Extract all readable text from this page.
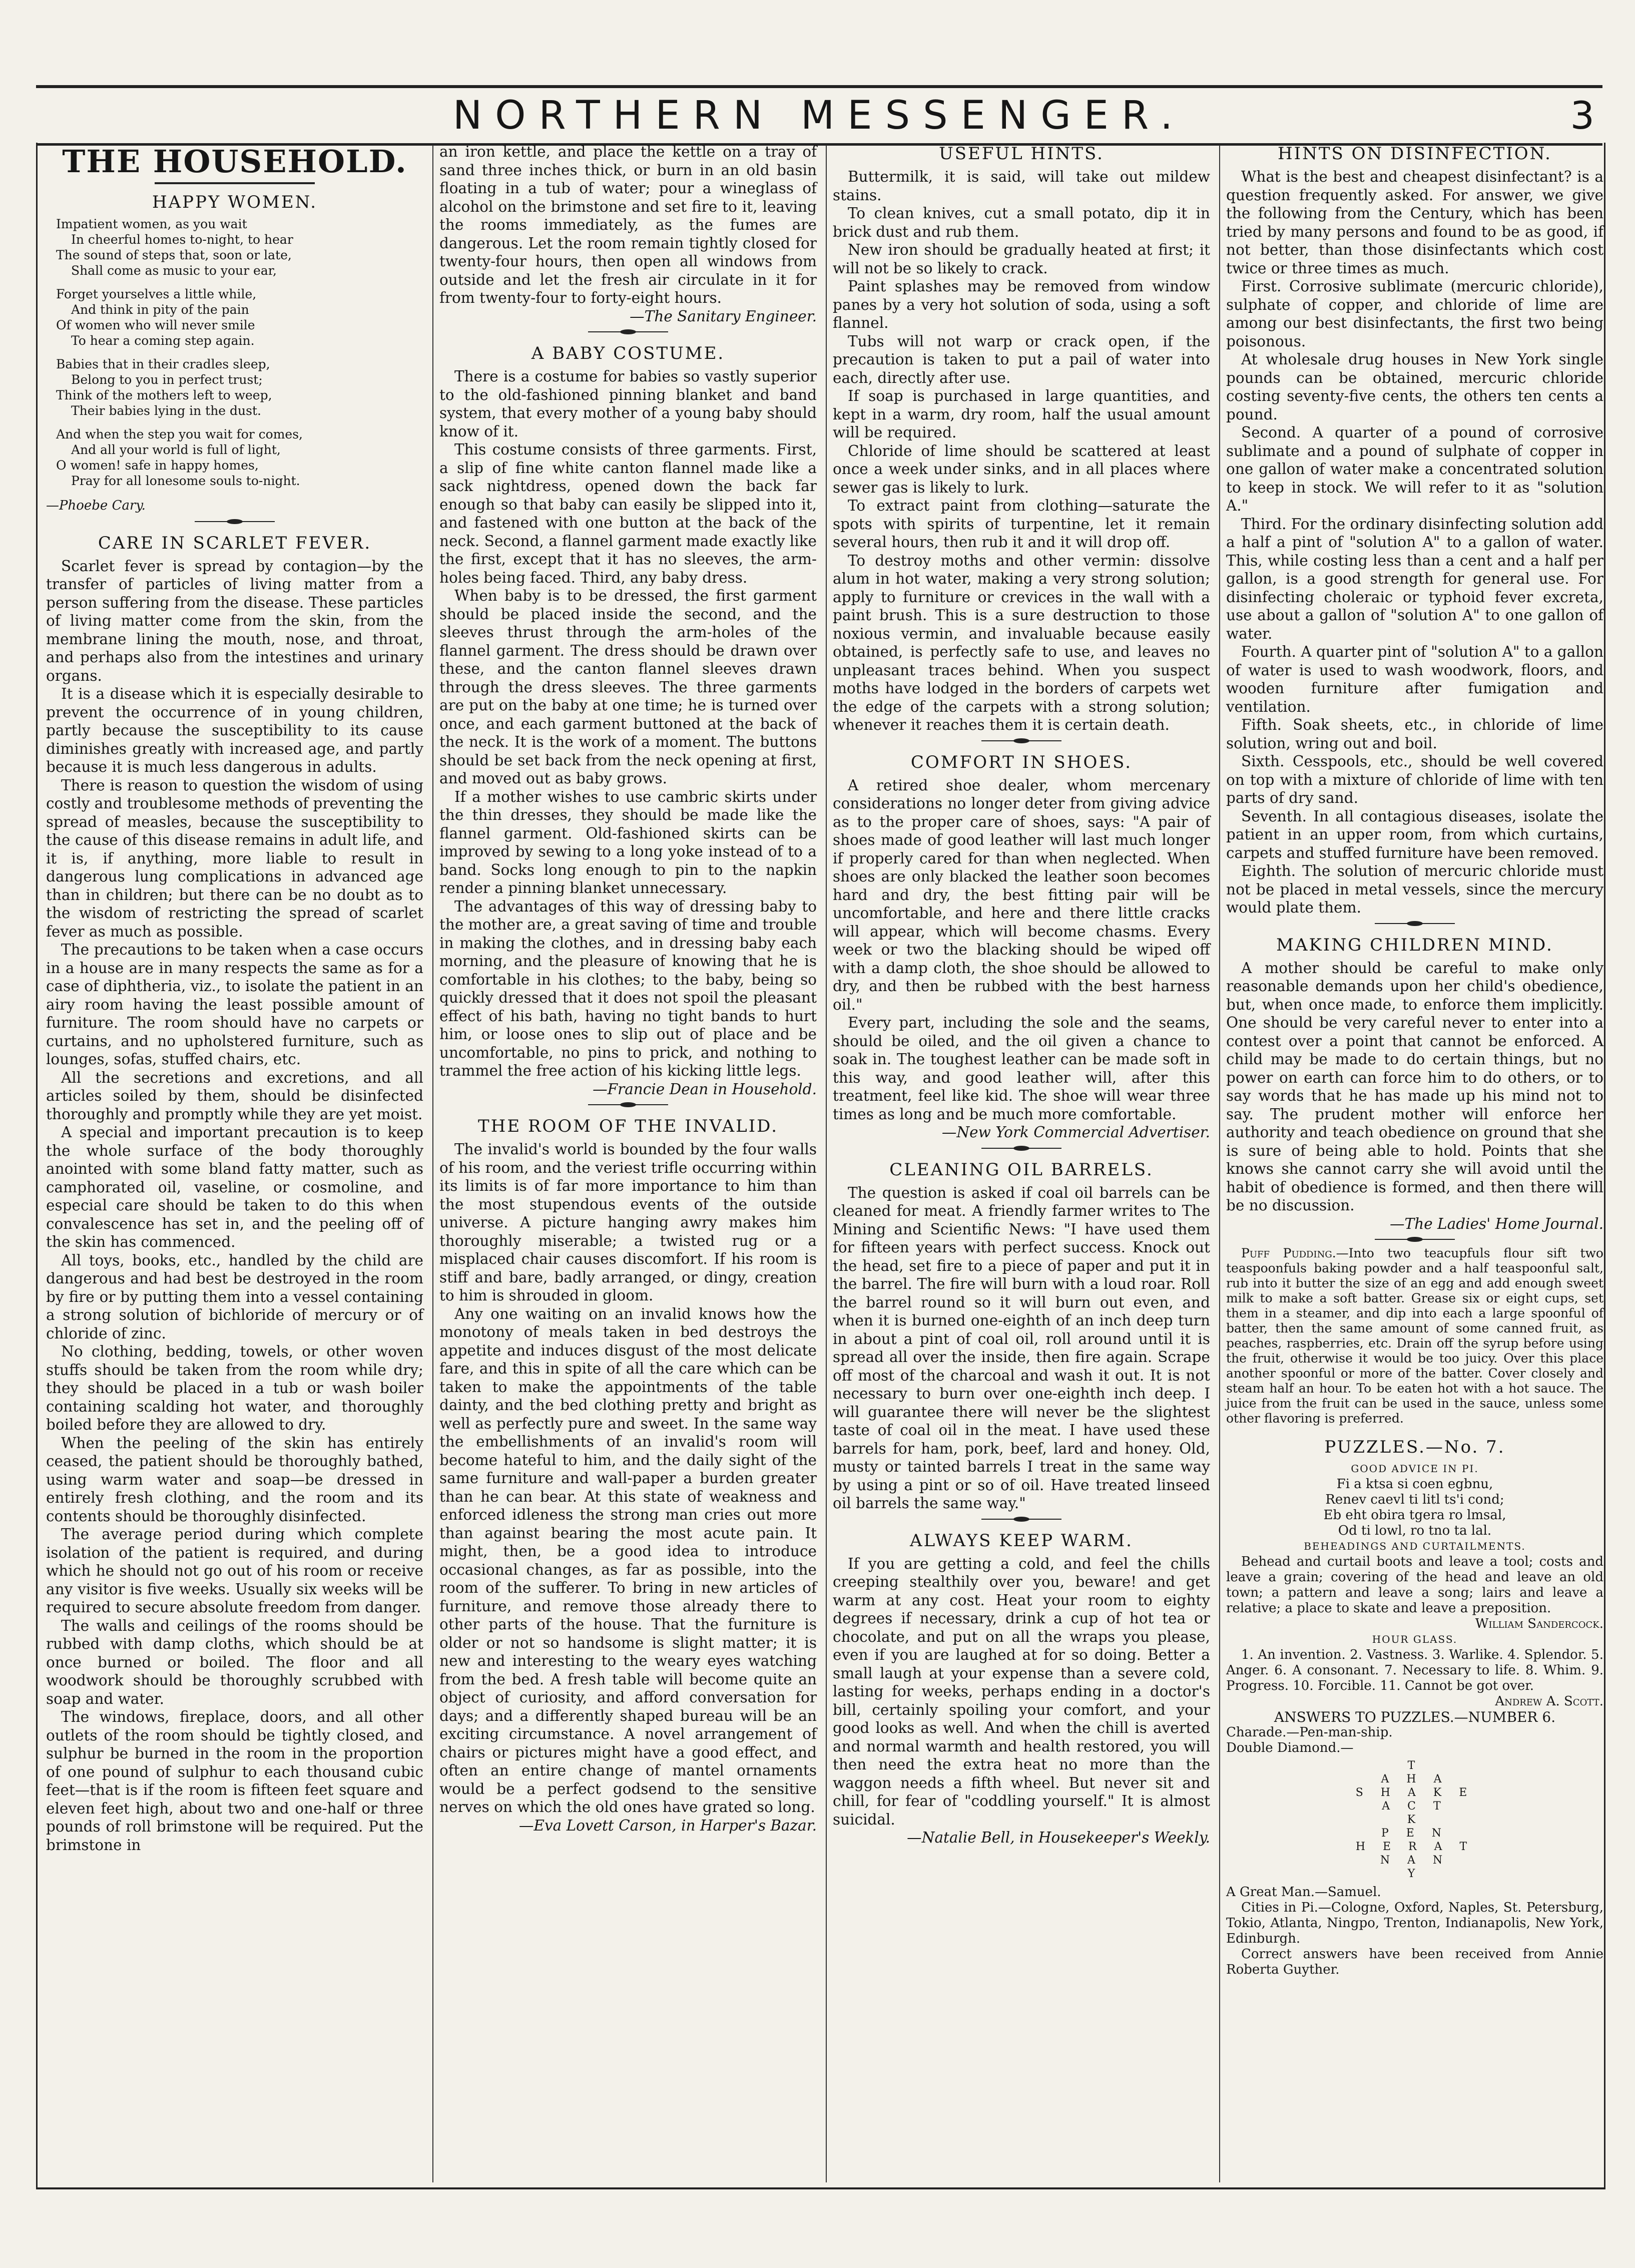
NORTHERN MESSENGER.	3
THE HOUSEHOLD.
HAPPY WOMEN.
Impatient women, as you wait
In cheerful homes to-night, to hear
The sound of steps that, soon or late,
Shall come as music to your ear,
Forget yourselves a little while,
And think in pity of the pain
Of women who will never smile
To hear a coming step again.
Babies that in their cradles sleep,
Belong to you in perfect trust;
Think of the mothers left to weep,
Their babies lying in the dust.
And when the step you wait for comes,
And all your world is full of light,
O women! safe in happy homes,
Pray for all lonesome souls to-night.

—Phoebe Cary.

CARE IN SCARLET FEVER.

Scarlet fever is spread by contagion—by the transfer of particles of living matter from a person suffering from the disease. These particles of living matter come from the skin, from the membrane lining the mouth, nose, and throat, and perhaps also from the intestines and urinary organs.

It is a disease which it is especially desirable to prevent the occurrence of in young children, partly because the susceptibility to its cause diminishes greatly with increased age, and partly because it is much less dangerous in adults.

There is reason to question the wisdom of using costly and troublesome methods of preventing the spread of measles, because the susceptibility to the cause of this disease remains in adult life, and it is, if anything, more liable to result in dangerous lung complications in advanced age than in children; but there can be no doubt as to the wisdom of restricting the spread of scarlet fever as much as possible.

The precautions to be taken when a case occurs in a house are in many respects the same as for a case of diphtheria, viz., to isolate the patient in an airy room having the least possible amount of furniture. The room should have no carpets or curtains, and no upholstered furniture, such as lounges, sofas, stuffed chairs, etc.

All the secretions and excretions, and all articles soiled by them, should be disinfected thoroughly and promptly while they are yet moist.

A special and important precaution is to keep the whole surface of the body thoroughly anointed with some bland fatty matter, such as camphorated oil, vaseline, or cosmoline, and especial care should be taken to do this when convalescence has set in, and the peeling off of the skin has commenced.

All toys, books, etc., handled by the child are dangerous and had best be destroyed in the room by fire or by putting them into a vessel containing a strong solution of bichloride of mercury or of chloride of zinc.

No clothing, bedding, towels, or other woven stuffs should be taken from the room while dry; they should be placed in a tub or wash boiler containing scalding hot water, and thoroughly boiled before they are allowed to dry.

When the peeling of the skin has entirely ceased, the patient should be thoroughly bathed, using warm water and soap—be dressed in entirely fresh clothing, and the room and its contents should be thoroughly disinfected.

The average period during which complete isolation of the patient is required, and during which he should not go out of his room or receive any visitor is five weeks. Usually six weeks will be required to secure absolute freedom from danger.

The walls and ceilings of the rooms should be rubbed with damp cloths, which should be at once burned or boiled. The floor and all woodwork should be thoroughly scrubbed with soap and water.

The windows, fireplace, doors, and all other outlets of the room should be tightly closed, and sulphur be burned in the room in the proportion of one pound of sulphur to each thousand cubic feet—that is if the room is fifteen feet square and eleven feet high, about two and one-half or three pounds of roll brimstone will be required. Put the brimstone in

an iron kettle, and place the kettle on a tray of sand three inches thick, or burn in an old basin floating in a tub of water; pour a wineglass of alcohol on the brimstone and set fire to it, leaving the rooms immediately, as the fumes are dangerous. Let the room remain tightly closed for twenty-four hours, then open all windows from outside and let the fresh air circulate in it for from twenty-four to forty-eight hours.

—The Sanitary Engineer.

A BABY COSTUME.

There is a costume for babies so vastly superior to the old-fashioned pinning blanket and band system, that every mother of a young baby should know of it.

This costume consists of three garments. First, a slip of fine white canton flannel made like a sack nightdress, opened down the back far enough so that baby can easily be slipped into it, and fastened with one button at the back of the neck. Second, a flannel garment made exactly like the first, except that it has no sleeves, the arm-holes being faced. Third, any baby dress.

When baby is to be dressed, the first garment should be placed inside the second, and the sleeves thrust through the arm-holes of the flannel garment. The dress should be drawn over these, and the canton flannel sleeves drawn through the dress sleeves. The three garments are put on the baby at one time; he is turned over once, and each garment buttoned at the back of the neck. It is the work of a moment. The buttons should be set back from the neck opening at first, and moved out as baby grows.

If a mother wishes to use cambric skirts under the thin dresses, they should be made like the flannel garment. Old-fashioned skirts can be improved by sewing to a long yoke instead of to a band. Socks long enough to pin to the napkin render a pinning blanket unnecessary.

The advantages of this way of dressing baby to the mother are, a great saving of time and trouble in making the clothes, and in dressing baby each morning, and the pleasure of knowing that he is comfortable in his clothes; to the baby, being so quickly dressed that it does not spoil the pleasant effect of his bath, having no tight bands to hurt him, or loose ones to slip out of place and be uncomfortable, no pins to prick, and nothing to trammel the free action of his kicking little legs.

—Francie Dean in Household.

THE ROOM OF THE INVALID.

The invalid's world is bounded by the four walls of his room, and the veriest trifle occurring within its limits is of far more importance to him than the most stupendous events of the outside universe. A picture hanging awry makes him thoroughly miserable; a twisted rug or a misplaced chair causes discomfort. If his room is stiff and bare, badly arranged, or dingy, creation to him is shrouded in gloom.

Any one waiting on an invalid knows how the monotony of meals taken in bed destroys the appetite and induces disgust of the most delicate fare, and this in spite of all the care which can be taken to make the appointments of the table dainty, and the bed clothing pretty and bright as well as perfectly pure and sweet. In the same way the embellishments of an invalid's room will become hateful to him, and the daily sight of the same furniture and wall-paper a burden greater than he can bear. At this state of weakness and enforced idleness the strong man cries out more than against bearing the most acute pain. It might, then, be a good idea to introduce occasional changes, as far as possible, into the room of the sufferer. To bring in new articles of furniture, and remove those already there to other parts of the house. That the furniture is older or not so handsome is slight matter; it is new and interesting to the weary eyes watching from the bed. A fresh table will become quite an object of curiosity, and afford conversation for days; and a differently shaped bureau will be an exciting circumstance. A novel arrangement of chairs or pictures might have a good effect, and often an entire change of mantel ornaments would be a perfect godsend to the sensitive nerves on which the old ones have grated so long.

—Eva Lovett Carson, in Harper's Bazar.

USEFUL HINTS.

Buttermilk, it is said, will take out mildew stains.

To clean knives, cut a small potato, dip it in brick dust and rub them.

New iron should be gradually heated at first; it will not be so likely to crack.

Paint splashes may be removed from window panes by a very hot solution of soda, using a soft flannel.

Tubs will not warp or crack open, if the precaution is taken to put a pail of water into each, directly after use.

If soap is purchased in large quantities, and kept in a warm, dry room, half the usual amount will be required.

Chloride of lime should be scattered at least once a week under sinks, and in all places where sewer gas is likely to lurk.

To extract paint from clothing—saturate the spots with spirits of turpentine, let it remain several hours, then rub it and it will drop off.

To destroy moths and other vermin: dissolve alum in hot water, making a very strong solution; apply to furniture or crevices in the wall with a paint brush. This is a sure destruction to those noxious vermin, and invaluable because easily obtained, is perfectly safe to use, and leaves no unpleasant traces behind. When you suspect moths have lodged in the borders of carpets wet the edge of the carpets with a strong solution; whenever it reaches them it is certain death.

COMFORT IN SHOES.

A retired shoe dealer, whom mercenary considerations no longer deter from giving advice as to the proper care of shoes, says: "A pair of shoes made of good leather will last much longer if properly cared for than when neglected. When shoes are only blacked the leather soon becomes hard and dry, the best fitting pair will be uncomfortable, and here and there little cracks will appear, which will become chasms. Every week or two the blacking should be wiped off with a damp cloth, the shoe should be allowed to dry, and then be rubbed with the best harness oil."

Every part, including the sole and the seams, should be oiled, and the oil given a chance to soak in. The toughest leather can be made soft in this way, and good leather will, after this treatment, feel like kid. The shoe will wear three times as long and be much more comfortable.

—New York Commercial Advertiser.

CLEANING OIL BARRELS.

The question is asked if coal oil barrels can be cleaned for meat. A friendly farmer writes to The Mining and Scientific News: "I have used them for fifteen years with perfect success. Knock out the head, set fire to a piece of paper and put it in the barrel. The fire will burn with a loud roar. Roll the barrel round so it will burn out even, and when it is burned one-eighth of an inch deep turn in about a pint of coal oil, roll around until it is spread all over the inside, then fire again. Scrape off most of the charcoal and wash it out. It is not necessary to burn over one-eighth inch deep. I will guarantee there will never be the slightest taste of coal oil in the meat. I have used these barrels for ham, pork, beef, lard and honey. Old, musty or tainted barrels I treat in the same way by using a pint or so of oil. Have treated linseed oil barrels the same way."

ALWAYS KEEP WARM.

If you are getting a cold, and feel the chills creeping stealthily over you, beware! and get warm at any cost. Heat your room to eighty degrees if necessary, drink a cup of hot tea or chocolate, and put on all the wraps you please, even if you are laughed at for so doing. Better a small laugh at your expense than a severe cold, lasting for weeks, perhaps ending in a doctor's bill, certainly spoiling your comfort, and your good looks as well. And when the chill is averted and normal warmth and health restored, you will then need the extra heat no more than the waggon needs a fifth wheel. But never sit and chill, for fear of "coddling yourself." It is almost suicidal.

—Natalie Bell, in Housekeeper's Weekly.

HINTS ON DISINFECTION.

What is the best and cheapest disinfectant? is a question frequently asked. For answer, we give the following from the Century, which has been tried by many persons and found to be as good, if not better, than those disinfectants which cost twice or three times as much.

First. Corrosive sublimate (mercuric chloride), sulphate of copper, and chloride of lime are among our best disinfectants, the first two being poisonous.

At wholesale drug houses in New York single pounds can be obtained, mercuric chloride costing seventy-five cents, the others ten cents a pound.

Second. A quarter of a pound of corrosive sublimate and a pound of sulphate of copper in one gallon of water make a concentrated solution to keep in stock. We will refer to it as "solution A."

Third. For the ordinary disinfecting solution add a half a pint of "solution A" to a gallon of water. This, while costing less than a cent and a half per gallon, is a good strength for general use. For disinfecting choleraic or typhoid fever excreta, use about a gallon of "solution A" to one gallon of water.

Fourth. A quarter pint of "solution A" to a gallon of water is used to wash woodwork, floors, and wooden furniture after fumigation and ventilation.

Fifth. Soak sheets, etc., in chloride of lime solution, wring out and boil.

Sixth. Cesspools, etc., should be well covered on top with a mixture of chloride of lime with ten parts of dry sand.

Seventh. In all contagious diseases, isolate the patient in an upper room, from which curtains, carpets and stuffed furniture have been removed.

Eighth. The solution of mercuric chloride must not be placed in metal vessels, since the mercury would plate them.

MAKING CHILDREN MIND.

A mother should be careful to make only reasonable demands upon her child's obedience, but, when once made, to enforce them implicitly. One should be very careful never to enter into a contest over a point that cannot be enforced. A child may be made to do certain things, but no power on earth can force him to do others, or to say words that he has made up his mind not to say. The prudent mother will enforce her authority and teach obedience on ground that she is sure of being able to hold. Points that she knows she cannot carry she will avoid until the habit of obedience is formed, and then there will be no discussion.

—The Ladies' Home Journal.

Puff Pudding.—Into two teacupfuls flour sift two teaspoonfuls baking powder and a half teaspoonful salt, rub into it butter the size of an egg and add enough sweet milk to make a soft batter. Grease six or eight cups, set them in a steamer, and dip into each a large spoonful of batter, then the same amount of some canned fruit, as peaches, raspberries, etc. Drain off the syrup before using the fruit, otherwise it would be too juicy. Over this place another spoonful or more of the batter. Cover closely and steam half an hour. To be eaten hot with a hot sauce. The juice from the fruit can be used in the sauce, unless some other flavoring is preferred.

PUZZLES.—No. 7.

GOOD ADVICE IN PI.

Fi a ktsa si coen egbnu,

Renev caevl ti litl ts'i cond;

Eb eht obira tgera ro lmsal,

Od ti lowl, ro tno ta lal.

BEHEADINGS AND CURTAILMENTS.

Behead and curtail boots and leave a tool; costs and leave a grain; covering of the head and leave an old town; a pattern and leave a song; lairs and leave a relative; a place to skate and leave a preposition.

William Sandercock.

HOUR GLASS.

1. An invention. 2. Vastness. 3. Warlike. 4. Splendor. 5. Anger. 6. A consonant. 7. Necessary to life. 8. Whim. 9. Progress. 10. Forcible. 11. Cannot be got over.

Andrew A. Scott.

ANSWERS TO PUZZLES.—NUMBER 6.

Charade.—Pen-man-ship.

Double Diamond.—

T
A H A
S H A K E
A C T
K
P E N
H E R A T
N A N
Y

A Great Man.—Samuel.

Cities in Pi.—Cologne, Oxford, Naples, St. Petersburg, Tokio, Atlanta, Ningpo, Trenton, Indianapolis, New York, Edinburgh.

Correct answers have been received from Annie Roberta Guyther.
